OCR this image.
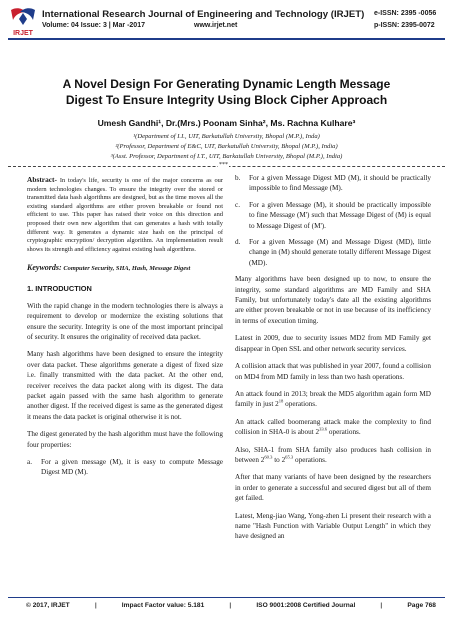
IRJET
International Research Journal of Engineering and Technology (IRJET)
Volume: 04 Issue: 3 | Mar -2017	www.irjet.net
e-ISSN: 2395 -0056
p-ISSN: 2395-0072
A Novel Design For Generating Dynamic Length Message
Digest To Ensure Integrity Using Block Cipher Approach
Umesh Gandhi¹, Dr.(Mrs.) Poonam Sinha², Ms. Rachna Kulhare³
¹(Department of I.I., UIT, Barkatullah University, Bhopal (M.P.), Inda)
²(Professor, Department of E&C, UIT, Barkatullah University, Bhopal (M.P.), India)
³(Asst. Professor, Department of I.T., UIT, Barkatullah University, Bhopal (M.P.), India)
***
Abstract- In today's life, security is one of the major concerns as our modern technologies changes. To ensure the integrity over the stored or transmitted data hash algorithms are designed, but as the time moves all the existing standard algorithms are either proven breakable or found not efficient to use. This paper has raised their voice on this direction and proposed their own new algorithm that can generates a hash with totally different way. It generates a dynamic size hash on the principal of cryptographic encryption/ decryption algorithm. An implementation result shows its strength and efficiency against existing hash algorithms.
Keywords: Computer Security, SHA, Hash, Message Digest
1. INTRODUCTION

With the rapid change in the modern technologies there is always a requirement to develop or modernize the existing solutions that ensure the security. Integrity is one of the most important principal of security. It ensures the originality of received data packet.

Many hash algorithms have been designed to ensure the integrity over data packet. These algorithms generate a digest of fixed size i.e. finally transmitted with the data packet. At the other end, receiver receives the data packet along with its digest. The data packet again passed with the same hash algorithm to generate another digest. If the received digest is same as the generated digest it means the data packet is original otherwise it is not.

The digest generated by the hash algorithm must have the following four properties:

a.	For a given message (M), it is easy to compute Message Digest MD (M).
b.	For a given Message Digest MD (M), it should be practically impossible to find Message (M).
c.	For a given Message (M), it should be practically impossible to fine Message (M') such that Message Digest of (M) is equal to Message Digest of (M').
d.	For a given Message (M) and Message Digest (MD), little change in (M) should generate totally different Message Digest (MD).

Many algorithms have been designed up to now, to ensure the integrity, some standard algorithms are MD Family and SHA Family, but unfortunately today's date all the existing algorithms are either proven breakable or not in use because of its inefficiency in terms of execution timing.

Latest in 2009, due to security issues MD2 from MD Family get disappear in Open SSL and other network security services.

A collision attack that was published in year 2007, found a collision on MD4 from MD family in less than two hash operations.

An attack found in 2013; break the MD5 algorithm again form MD family in just $2^{18}$ operations.

An attack called boomerang attack make the complexity to find collision in SHA-0 is about $2^{33.6}$ operations.

Also, SHA-1 from SHA family also produces hash collision in between $2^{60.3}$ to $2^{65.3}$ operations.

After that many variants of have been designed by the researchers in order to generate a successful and secured digest but all of them get failed.

Latest, Meng-jiao Wang, Yong-zhen Li present their research with a name "Hash Function with Variable Output Length" in which they have designed an

© 2017, IRJET	|	Impact Factor value: 5.181	|	ISO 9001:2008 Certified Journal	|	Page 768
